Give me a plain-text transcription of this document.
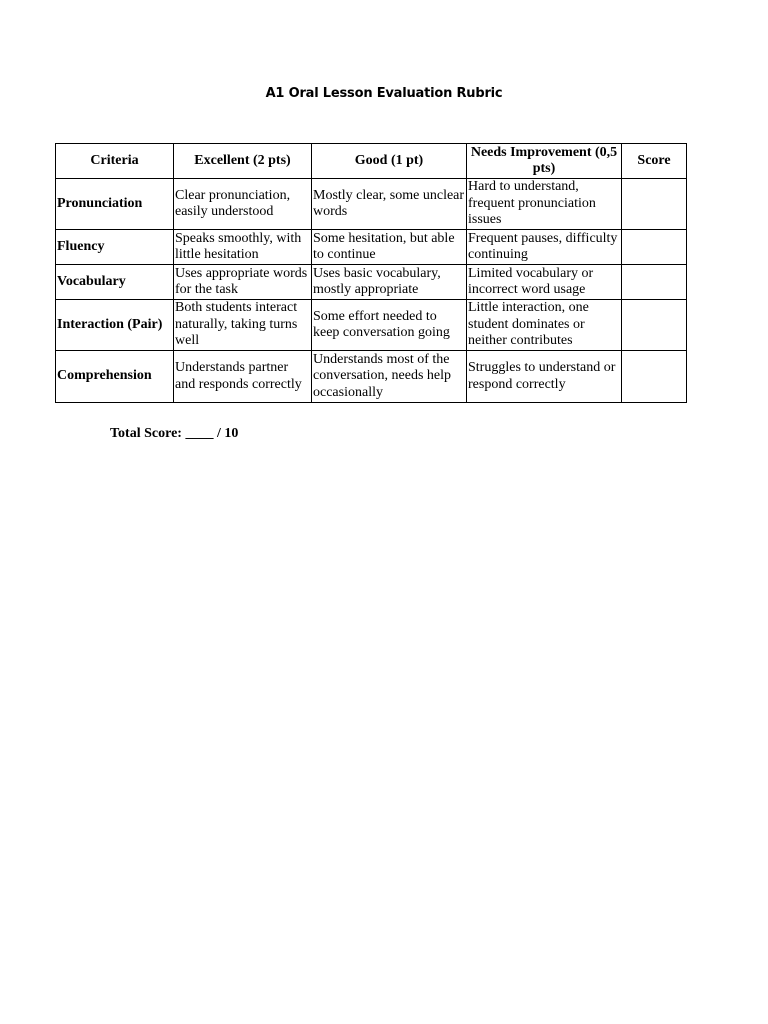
A1 Oral Lesson Evaluation Rubric
Criteria	Excellent (2 pts)	Good (1 pt)	Needs Improvement (0,5 pts)	Score
Pronunciation	Clear pronunciation, easily understood	Mostly clear, some unclear words	Hard to understand, frequent pronunciation issues	
Fluency	Speaks smoothly, with little hesitation	Some hesitation, but able to continue	Frequent pauses, difficulty continuing	
Vocabulary	Uses appropriate words for the task	Uses basic vocabulary, mostly appropriate	Limited vocabulary or incorrect word usage	
Interaction (Pair)	Both students interact naturally, taking turns well	Some effort needed to keep conversation going	Little interaction, one student dominates or neither contributes	
Comprehension	Understands partner and responds correctly	Understands most of the conversation, needs help occasionally	Struggles to understand or respond correctly	
Total Score: ____ / 10
